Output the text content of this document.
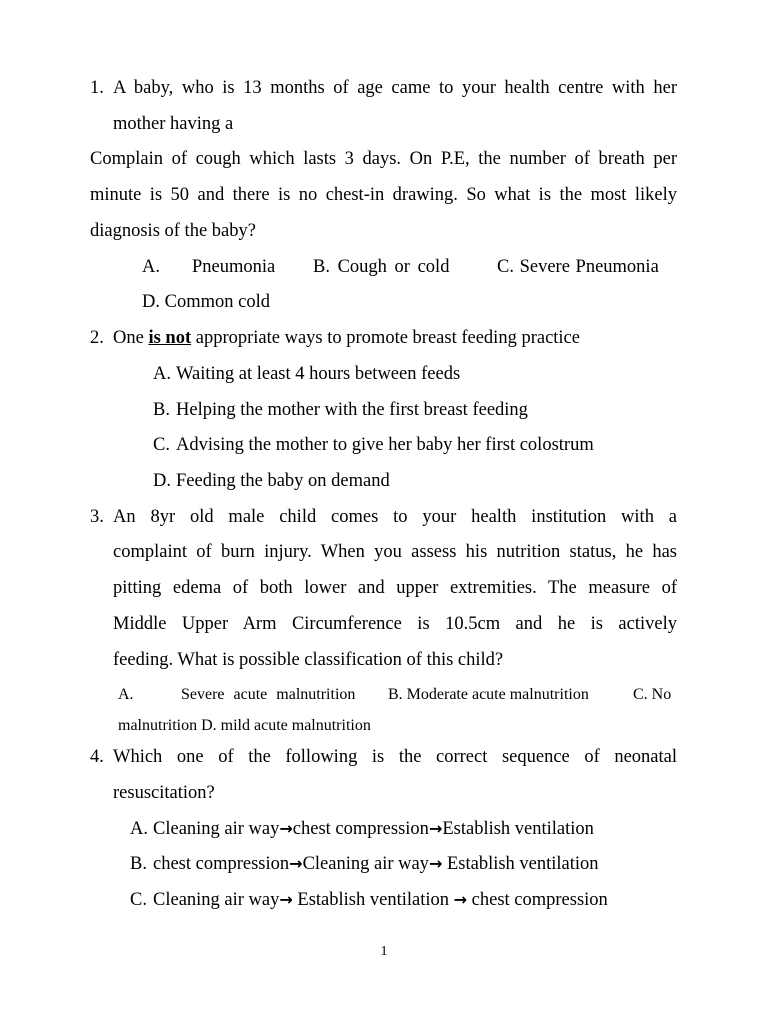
1. A baby, who is 13 months of age came to your health centre with her
mother having a
Complain of cough which lasts 3 days. On P.E, the number of breath per
minute is 50 and there is no chest-in drawing. So what is the most likely
diagnosis of the baby?
A. Pneumonia B. Cough or cold	C. Severe Pneumonia
D. Common cold
2. One is not appropriate ways to promote breast feeding practice
A. Waiting at least 4 hours between feeds
B. Helping the mother with the first breast feeding
C. Advising the mother to give her baby her first colostrum
D. Feeding the baby on demand
3. An 8yr old male child comes to your health institution with a
complaint of burn injury. When you assess his nutrition status, he has
pitting edema of both lower and upper extremities. The measure of
Middle Upper Arm Circumference is 10.5cm and he is actively
feeding. What is possible classification of this child?
A.	Severe acute malnutrition B. Moderate acute malnutrition	C. No
malnutrition D. mild acute malnutrition
4. Which one of the following is the correct sequence of neonatal
resuscitation?
A. Cleaning air way→chest compression→Establish ventilation
B. chest compression→Cleaning air way→ Establish ventilation
C. Cleaning air way→ Establish ventilation → chest compression
1
